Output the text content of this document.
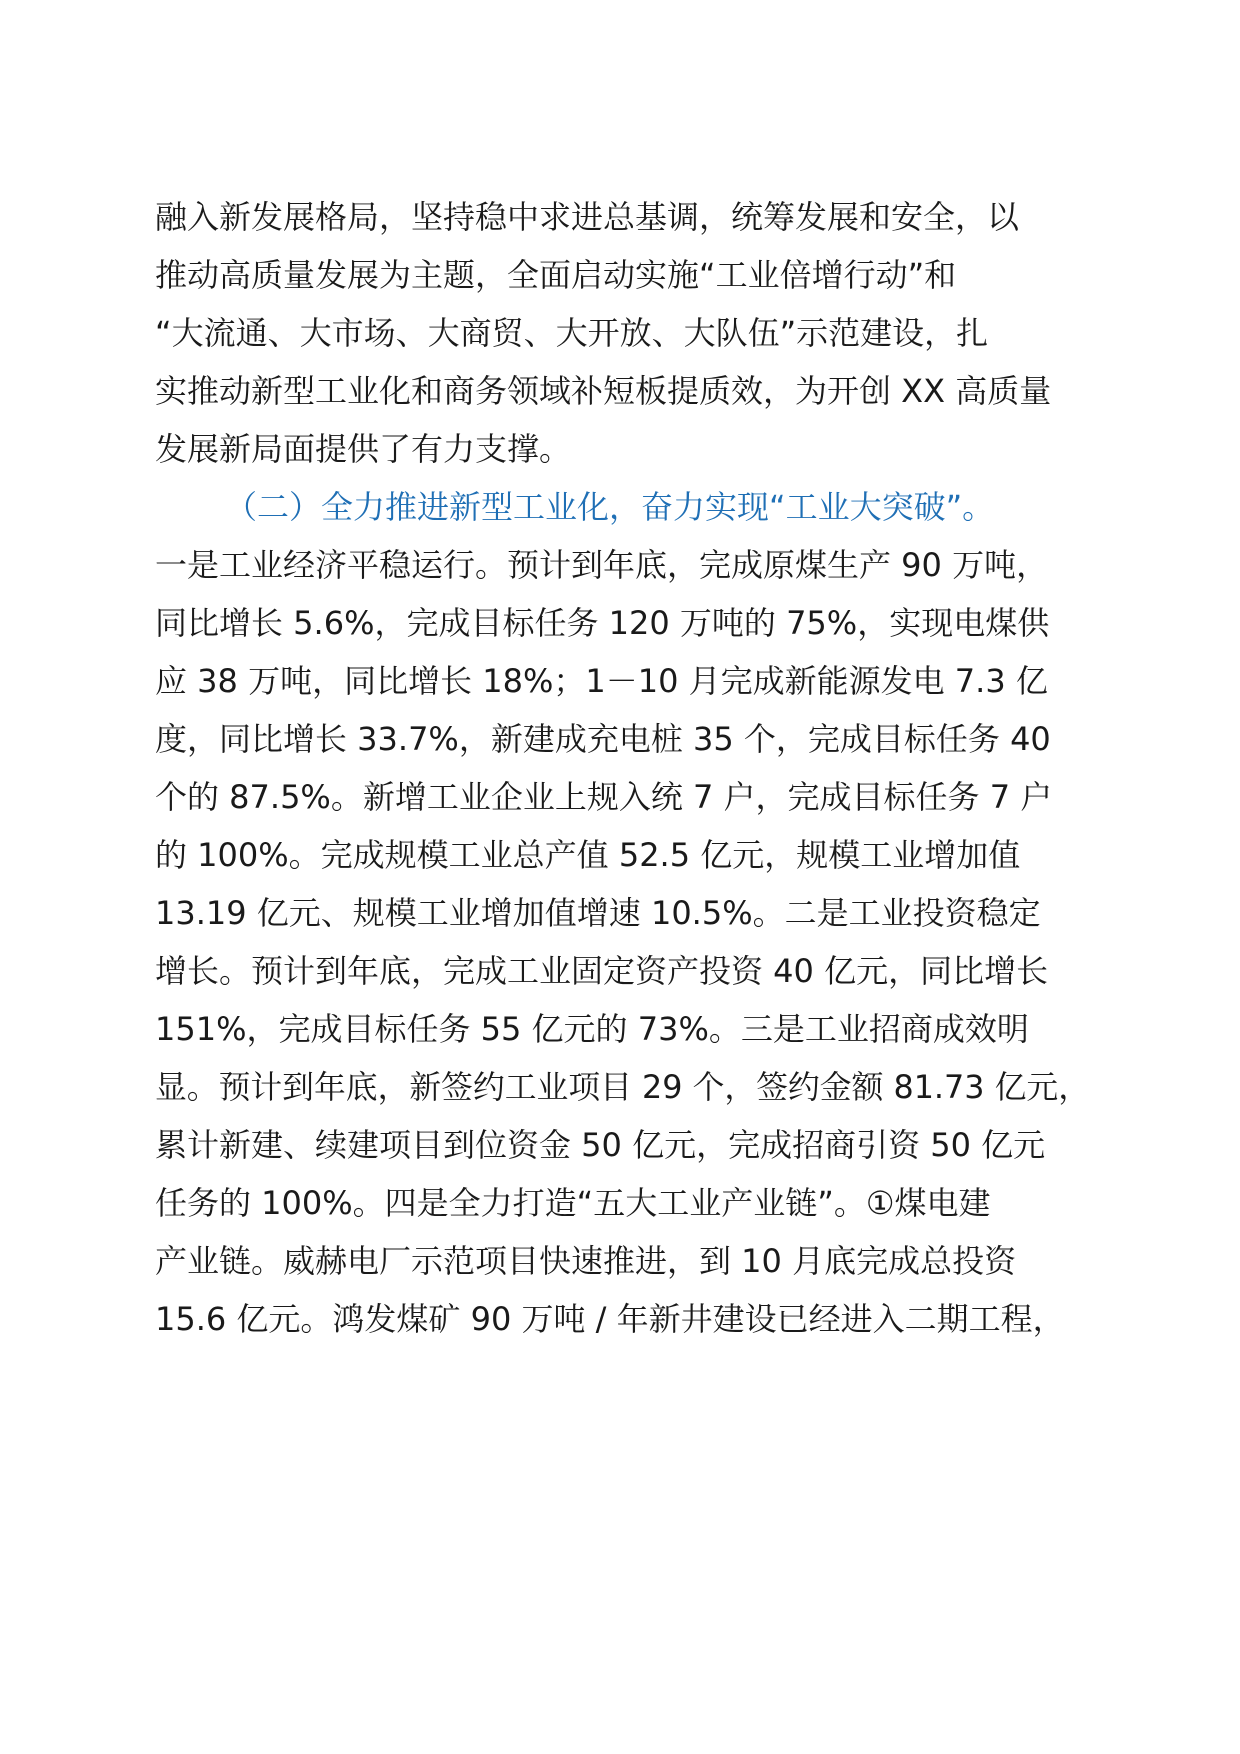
融入新发展格局，坚持稳中求进总基调，统筹发展和安全，以
推动高质量发展为主题，全面启动实施“工业倍增行动”和
“大流通、大市场、大商贸、大开放、大队伍”示范建设，扎
实推动新型工业化和商务领域补短板提质效，为开创 XX 高质量
发展新局面提供了有力支撑。
（二）全力推进新型工业化，奋力实现“工业大突破”。
一是工业经济平稳运行。预计到年底，完成原煤生产 90 万吨，
同比增长 5.6%，完成目标任务 120 万吨的 75%，实现电煤供
应 38 万吨，同比增长 18%；1－10 月完成新能源发电 7.3 亿
度，同比增长 33.7%，新建成充电桩 35 个，完成目标任务 40
个的 87.5%。新增工业企业上规入统 7 户，完成目标任务 7 户
的 100%。完成规模工业总产值 52.5 亿元，规模工业增加值
13.19 亿元、规模工业增加值增速 10.5%。二是工业投资稳定
增长。预计到年底，完成工业固定资产投资 40 亿元，同比增长
151%，完成目标任务 55 亿元的 73%。三是工业招商成效明
显。预计到年底，新签约工业项目 29 个，签约金额 81.73 亿元，
累计新建、续建项目到位资金 50 亿元，完成招商引资 50 亿元
任务的 100%。四是全力打造“五大工业产业链”。①煤电建
产业链。威赫电厂示范项目快速推进，到 10 月底完成总投资
15.6 亿元。鸿发煤矿 90 万吨 / 年新井建设已经进入二期工程，
